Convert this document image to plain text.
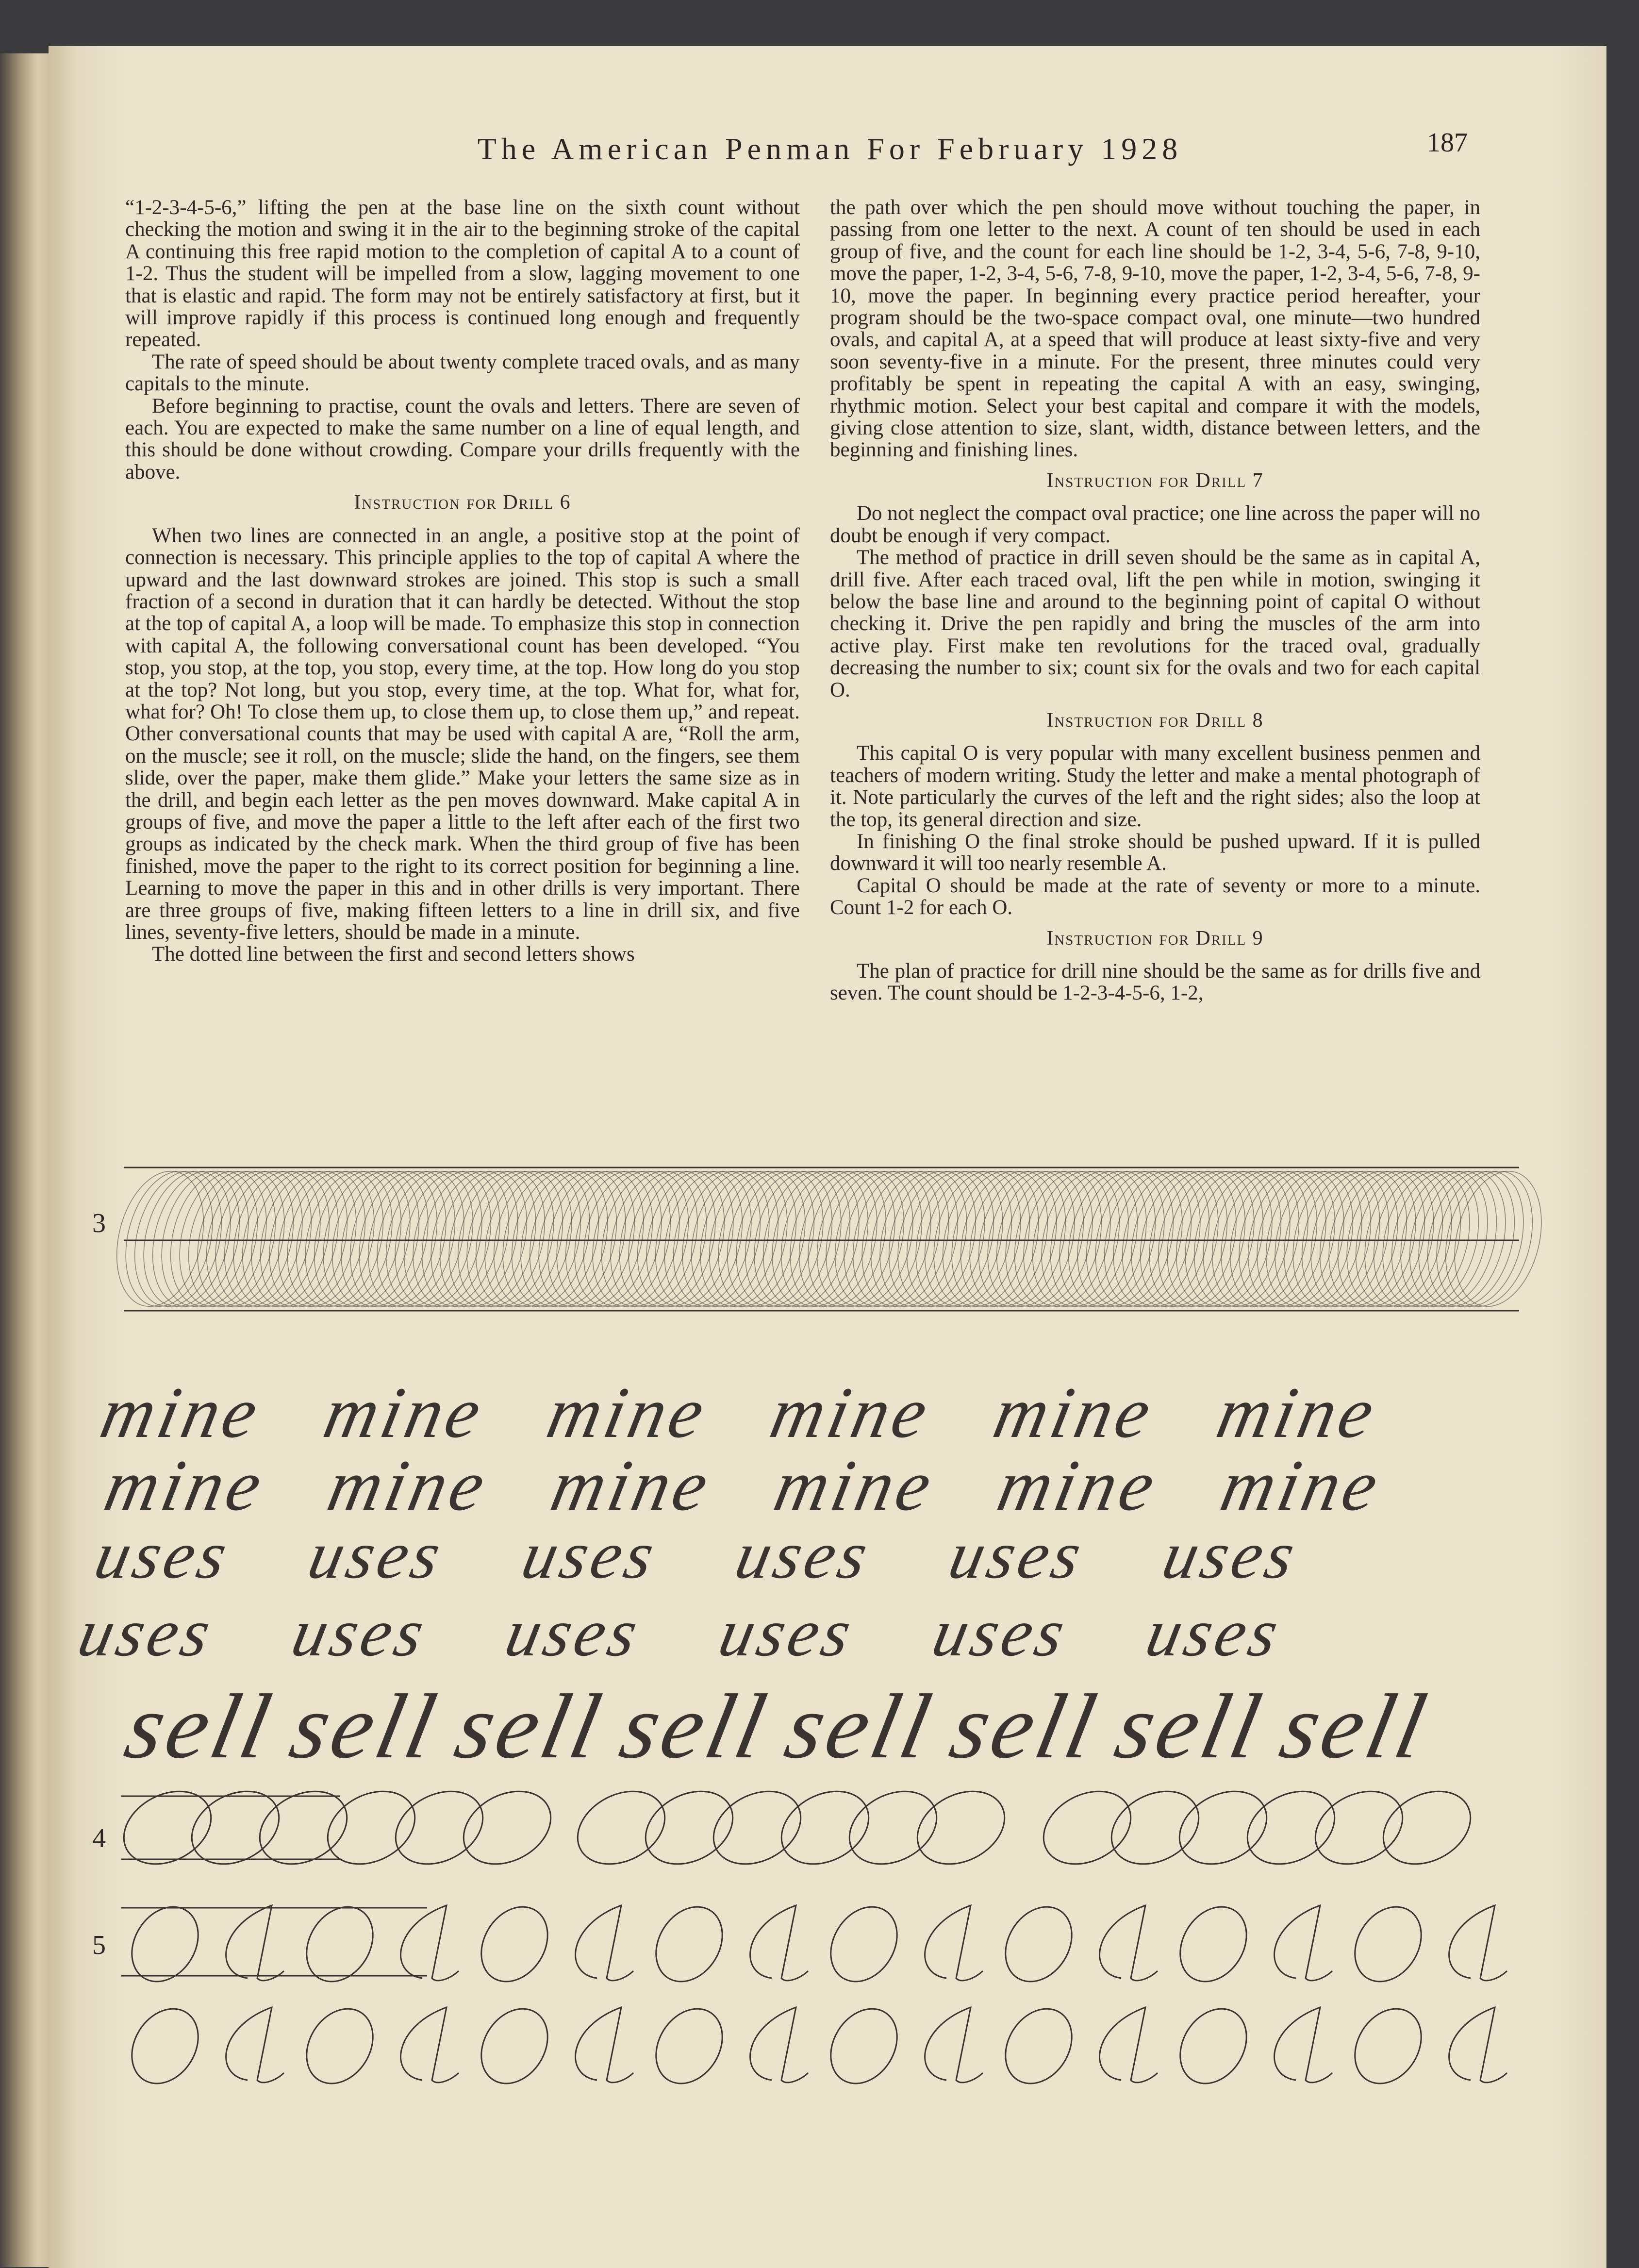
The American Penman For February 1928	187

“1-2-3-4-5-6,” lifting the pen at the base line on the sixth count without checking the motion and swing it in the air to the beginning stroke of the capital A continuing this free rapid motion to the completion of capital A to a count of 1-2. Thus the student will be impelled from a slow, lagging movement to one that is elastic and rapid. The form may not be entirely satisfactory at first, but it will improve rapidly if this process is continued long enough and frequently repeated.

The rate of speed should be about twenty complete traced ovals, and as many capitals to the minute.

Before beginning to practise, count the ovals and letters. There are seven of each. You are expected to make the same number on a line of equal length, and this should be done without crowding. Compare your drills frequently with the above.

Instruction for Drill 6

When two lines are connected in an angle, a positive stop at the point of connection is necessary. This principle applies to the top of capital A where the upward and the last downward strokes are joined. This stop is such a small fraction of a second in duration that it can hardly be detected. Without the stop at the top of capital A, a loop will be made. To emphasize this stop in connection with capital A, the following conversational count has been developed. “You stop, you stop, at the top, you stop, every time, at the top. How long do you stop at the top? Not long, but you stop, every time, at the top. What for, what for, what for? Oh! To close them up, to close them up, to close them up,” and repeat. Other conversational counts that may be used with capital A are, “Roll the arm, on the muscle; see it roll, on the muscle; slide the hand, on the fingers, see them slide, over the paper, make them glide.” Make your letters the same size as in the drill, and begin each letter as the pen moves downward. Make capital A in groups of five, and move the paper a little to the left after each of the first two groups as indicated by the check mark. When the third group of five has been finished, move the paper to the right to its correct position for beginning a line. Learning to move the paper in this and in other drills is very important. There are three groups of five, making fifteen letters to a line in drill six, and five lines, seventy-five letters, should be made in a minute.

The dotted line between the first and second letters shows

the path over which the pen should move without touching the paper, in passing from one letter to the next. A count of ten should be used in each group of five, and the count for each line should be 1-2, 3-4, 5-6, 7-8, 9-10, move the paper, 1-2, 3-4, 5-6, 7-8, 9-10, move the paper, 1-2, 3-4, 5-6, 7-8, 9-10, move the paper. In beginning every practice period hereafter, your program should be the two-space compact oval, one minute—two hundred ovals, and capital A, at a speed that will produce at least sixty-five and very soon seventy-five in a minute. For the present, three minutes could very profitably be spent in repeating the capital A with an easy, swinging, rhythmic motion. Select your best capital and compare it with the models, giving close attention to size, slant, width, distance between letters, and the beginning and finishing lines.

Instruction for Drill 7

Do not neglect the compact oval practice; one line across the paper will no doubt be enough if very compact.

The method of practice in drill seven should be the same as in capital A, drill five. After each traced oval, lift the pen while in motion, swinging it below the base line and around to the beginning point of capital O without checking it. Drive the pen rapidly and bring the muscles of the arm into active play. First make ten revolutions for the traced oval, gradually decreasing the number to six; count six for the ovals and two for each capital O.

Instruction for Drill 8

This capital O is very popular with many excellent business penmen and teachers of modern writing. Study the letter and make a mental photograph of it. Note particularly the curves of the left and the right sides; also the loop at the top, its general direction and size.

In finishing O the final stroke should be pushed upward. If it is pulled downward it will too nearly resemble A.

Capital O should be made at the rate of seventy or more to a minute. Count 1-2 for each O.

Instruction for Drill 9

The plan of practice for drill nine should be the same as for drills five and seven. The count should be 1-2-3-4-5-6, 1-2,

3
4
5
mine mine mine mine mine mine
mine mine mine mine mine mine
uses uses uses uses uses uses
uses uses uses uses uses uses
sell sell sell sell sell sell sell sell
